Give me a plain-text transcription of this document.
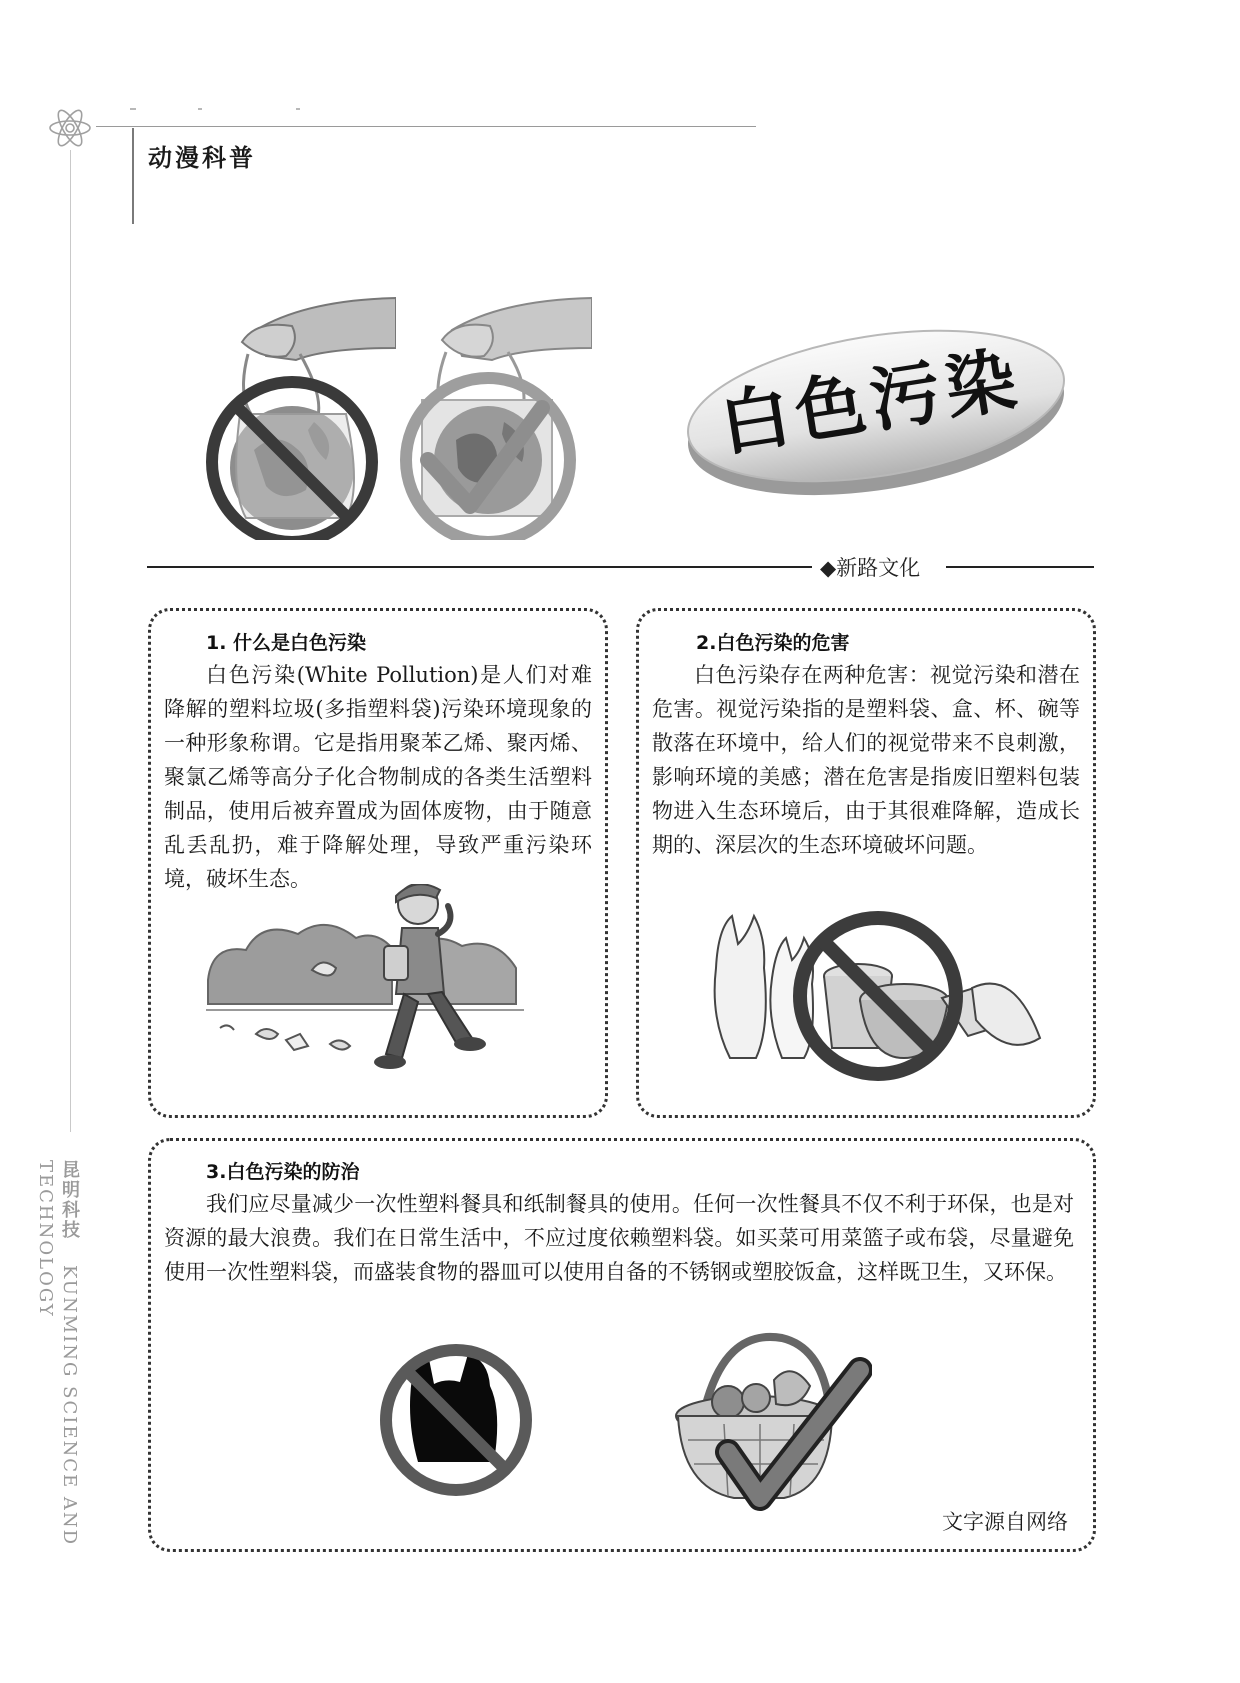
动漫科普
昆明科技 KUNMING SCIENCE AND TECHNOLOGY
白色污染
◆新路文化
1. 什么是白色污染

白色污染(White Pollution)是人们对难降解的塑料垃圾(多指塑料袋)污染环境现象的一种形象称谓。它是指用聚苯乙烯、聚丙烯、聚氯乙烯等高分子化合物制成的各类生活塑料制品，使用后被弃置成为固体废物，由于随意乱丢乱扔，难于降解处理，导致严重污染环境，破坏生态。

2.白色污染的危害

白色污染存在两种危害：视觉污染和潜在危害。视觉污染指的是塑料袋、盒、杯、碗等散落在环境中，给人们的视觉带来不良刺激，影响环境的美感；潜在危害是指废旧塑料包装物进入生态环境后，由于其很难降解，造成长期的、深层次的生态环境破坏问题。

3.白色污染的防治

我们应尽量减少一次性塑料餐具和纸制餐具的使用。任何一次性餐具不仅不利于环保，也是对资源的最大浪费。我们在日常生活中，不应过度依赖塑料袋。如买菜可用菜篮子或布袋，尽量避免使用一次性塑料袋，而盛装食物的器皿可以使用自备的不锈钢或塑胶饭盒，这样既卫生，又环保。

文字源自网络
